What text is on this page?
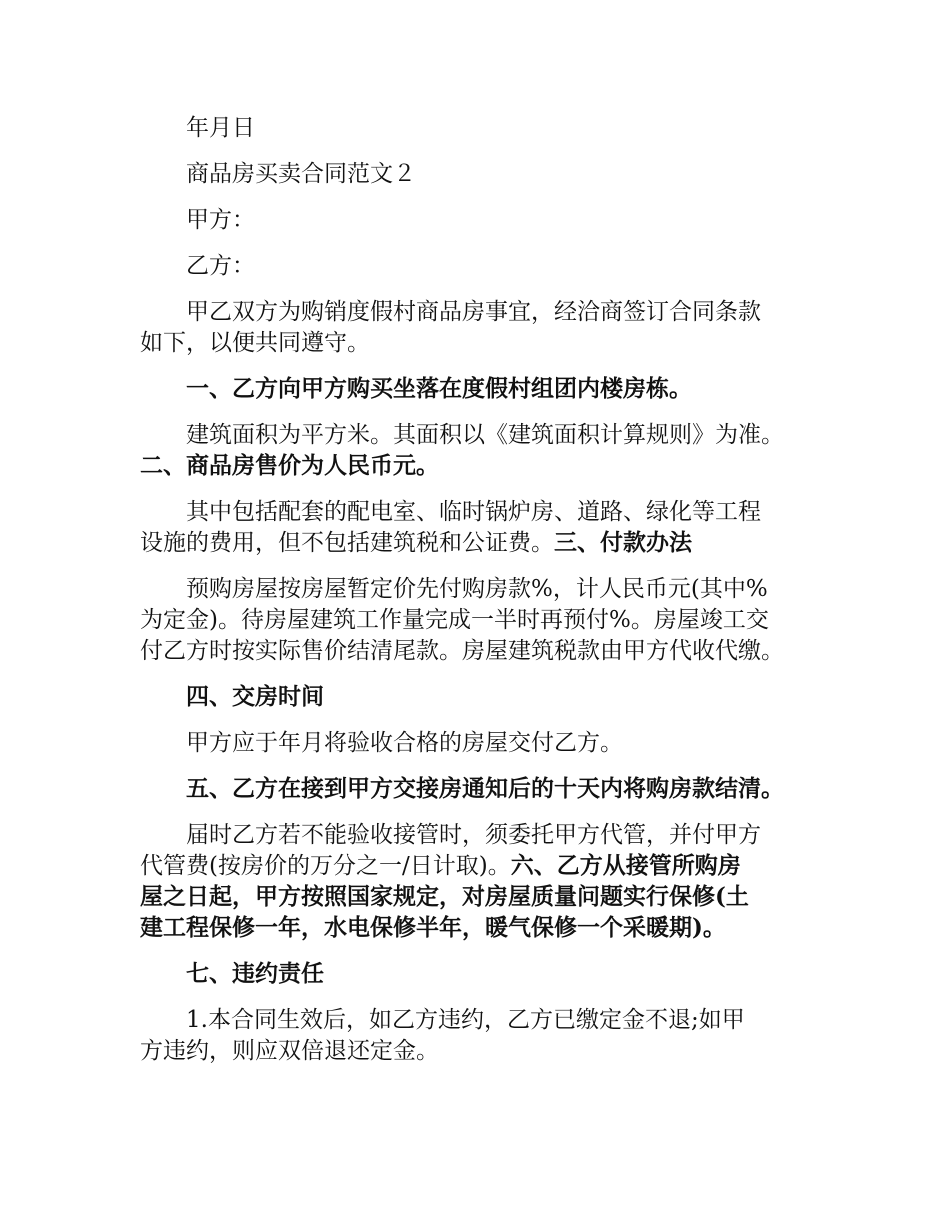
年月日
商品房买卖合同范文２
甲方：
乙方：
甲乙双方为购销度假村商品房事宜，经洽商签订合同条款
如下，以便共同遵守。
一、乙方向甲方购买坐落在度假村组团内楼房栋。
建筑面积为平方米。其面积以《建筑面积计算规则》为准。
二、商品房售价为人民币元。
其中包括配套的配电室、临时锅炉房、道路、绿化等工程
设施的费用，但不包括建筑税和公证费。三、付款办法
预购房屋按房屋暂定价先付购房款%，计人民币元(其中%
为定金)。待房屋建筑工作量完成一半时再预付%。房屋竣工交
付乙方时按实际售价结清尾款。房屋建筑税款由甲方代收代缴。
四、交房时间
甲方应于年月将验收合格的房屋交付乙方。
五、乙方在接到甲方交接房通知后的十天内将购房款结清。
届时乙方若不能验收接管时，须委托甲方代管，并付甲方
代管费(按房价的万分之一/日计取)。六、乙方从接管所购房
屋之日起，甲方按照国家规定，对房屋质量问题实行保修(土
建工程保修一年，水电保修半年，暖气保修一个采暖期)。
七、违约责任
1.本合同生效后，如乙方违约，乙方已缴定金不退;如甲
方违约，则应双倍退还定金。
